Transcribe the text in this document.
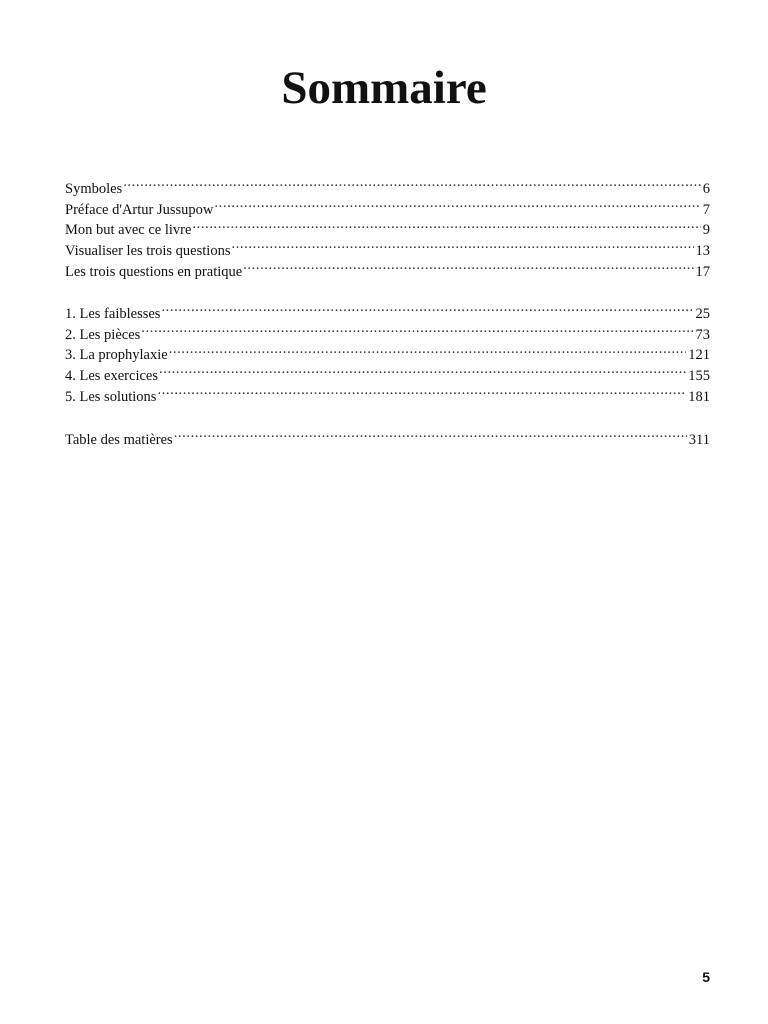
Sommaire
Symboles .....	6
Préface d'Artur Jussupow .....	7
Mon but avec ce livre .....	9
Visualiser les trois questions .....	13
Les trois questions en pratique .....	17
1. Les faiblesses .....	25
2. Les pièces .....	73
3. La prophylaxie .....	121
4. Les exercices .....	155
5. Les solutions .....	181
Table des matières .....	311
5
